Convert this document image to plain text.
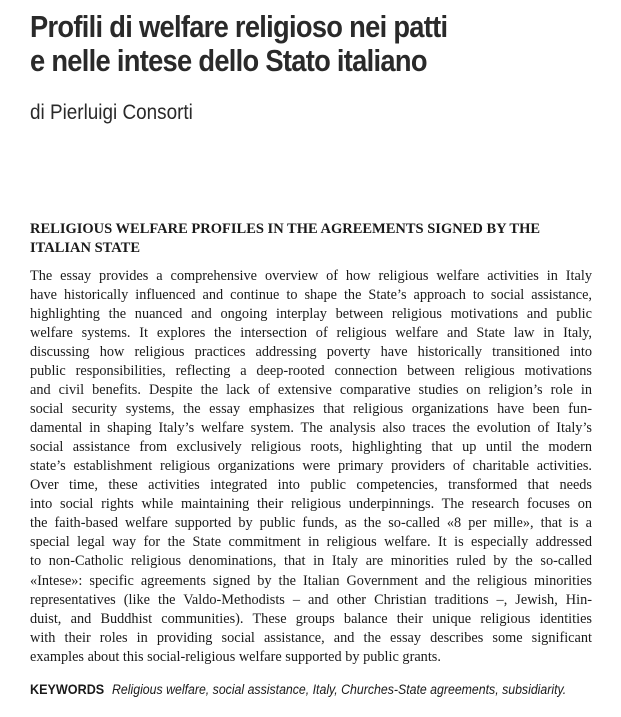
Profili di welfare religioso nei patti
e nelle intese dello Stato italiano

di Pierluigi Consorti

RELIGIOUS WELFARE PROFILES IN THE AGREEMENTS SIGNED BY THE
ITALIAN STATE
The essay provides a comprehensive overview of how religious welfare activities in Italy
have historically influenced and continue to shape the State’s approach to social assistance,
highlighting the nuanced and ongoing interplay between religious motivations and public
welfare systems. It explores the intersection of religious welfare and State law in Italy,
discussing how religious practices addressing poverty have historically transitioned into
public responsibilities, reflecting a deep-rooted connection between religious motivations
and civil benefits. Despite the lack of extensive comparative studies on religion’s role in
social security systems, the essay emphasizes that religious organizations have been fun-
damental in shaping Italy’s welfare system. The analysis also traces the evolution of Italy’s
social assistance from exclusively religious roots, highlighting that up until the modern
state’s establishment religious organizations were primary providers of charitable activities.
Over time, these activities integrated into public competencies, transformed that needs
into social rights while maintaining their religious underpinnings. The research focuses on
the faith-based welfare supported by public funds, as the so-called «8 per mille», that is a
special legal way for the State commitment in religious welfare. It is especially addressed
to non-Catholic religious denominations, that in Italy are minorities ruled by the so-called
«Intese»: specific agreements signed by the Italian Government and the religious minorities
representatives (like the Valdo-Methodists – and other Christian traditions –, Jewish, Hin-
duist, and Buddhist communities). These groups balance their unique religious identities
with their roles in providing social assistance, and the essay describes some significant
examples about this social-religious welfare supported by public grants.

KEYWORDS Religious welfare, social assistance, Italy, Churches-State agreements, subsidiarity.
